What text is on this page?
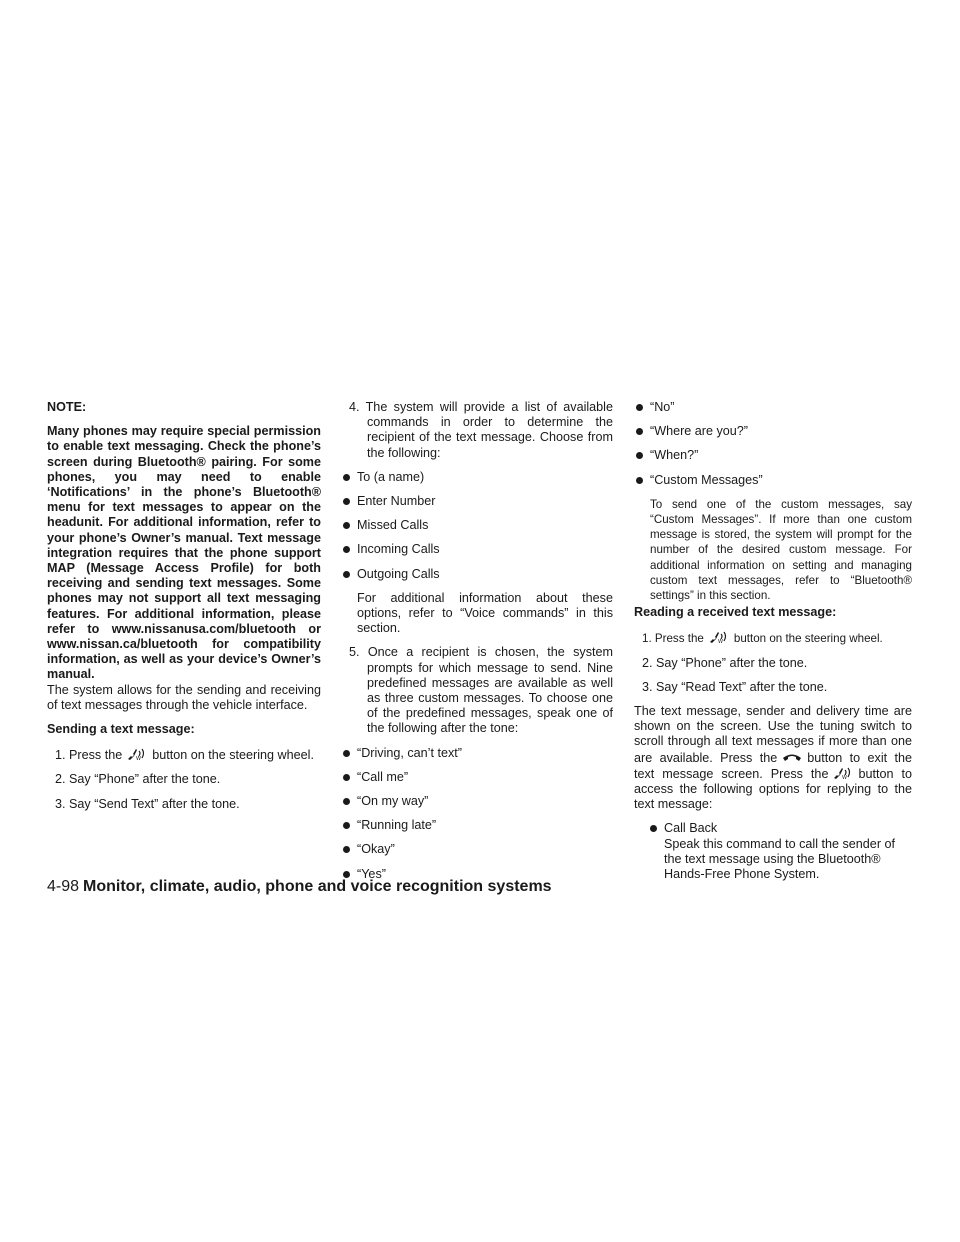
NOTE:

Many phones may require special permission to enable text messaging. Check the phone’s screen during Bluetooth® pairing. For some phones, you may need to enable ‘Notifications’ in the phone’s Bluetooth® menu for text messages to appear on the headunit. For additional information, refer to your phone’s Owner’s manual. Text message integration requires that the phone support MAP (Message Access Profile) for both receiving and sending text messages. Some phones may not support all text messaging features. For additional information, please refer to www.nissanusa.com/bluetooth or www.nissan.ca/bluetooth for compatibility information, as well as your device’s Owner’s manual.

The system allows for the sending and receiving of text messages through the vehicle interface.

Sending a text message:

1. Press the	W button on the steering wheel.

2. Say “Phone” after the tone.

3. Say “Send Text” after the tone.

4. The system will provide a list of available commands in order to determine the recipient of the text message. Choose from the following:

To (a name)
Enter Number
Missed Calls
Incoming Calls
Outgoing Calls

For additional information about these options, refer to “Voice commands” in this section.

5. Once a recipient is chosen, the system prompts for which message to send. Nine predefined messages are available as well as three custom messages. To choose one of the predefined messages, speak one of the following after the tone:

“Driving, can’t text”
“Call me”
“On my way”
“Running late”
“Okay”
“Yes”
“No”
“Where are you?”
“When?”
“Custom Messages”

To send one of the custom messages, say “Custom Messages”. If more than one custom message is stored, the system will prompt for the number of the desired custom message. For additional information on setting and managing custom text messages, refer to “Bluetooth® settings” in this section.

Reading a received text message:

1. Press the	W button on the steering wheel.

2. Say “Phone” after the tone.

3. Say “Read Text” after the tone.

The text message, sender and delivery time are shown on the screen. Use the tuning switch to scroll through all text messages if more than one are available. Press the button to exit the text message screen. Press the	W button to access the following options for replying to the text message:

Call Back

Speak this command to call the sender of the text message using the Bluetooth® Hands-Free Phone System.

4-98 Monitor, climate, audio, phone and voice recognition systems
